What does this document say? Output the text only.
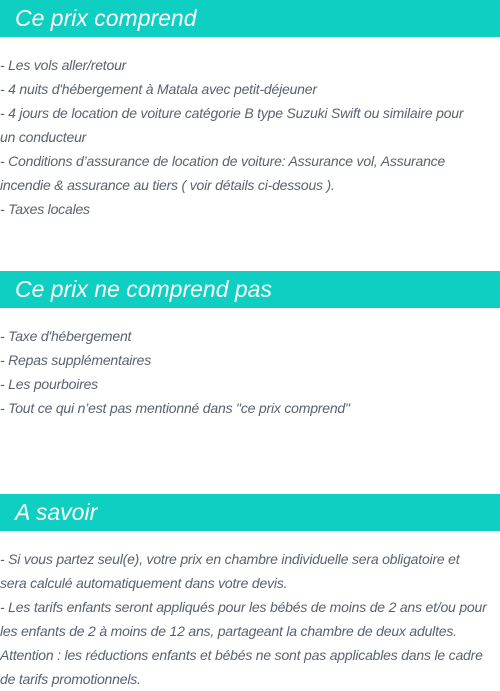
Ce prix comprend
- Les vols aller/retour
- 4 nuits d'hébergement à Matala avec petit-déjeuner
- 4 jours de location de voiture catégorie B type Suzuki Swift ou similaire pour
un conducteur
- Conditions d’assurance de location de voiture: Assurance vol, Assurance
incendie & assurance au tiers ( voir détails ci-dessous ).
- Taxes locales
Ce prix ne comprend pas
- Taxe d'hébergement
- Repas supplémentaires
- Les pourboires
- Tout ce qui n’est pas mentionné dans "ce prix comprend"
A savoir
- Si vous partez seul(e), votre prix en chambre individuelle sera obligatoire et
sera calculé automatiquement dans votre devis.
- Les tarifs enfants seront appliqués pour les bébés de moins de 2 ans et/ou pour
les enfants de 2 à moins de 12 ans, partageant la chambre de deux adultes.
Attention : les réductions enfants et bébés ne sont pas applicables dans le cadre
de tarifs promotionnels.
